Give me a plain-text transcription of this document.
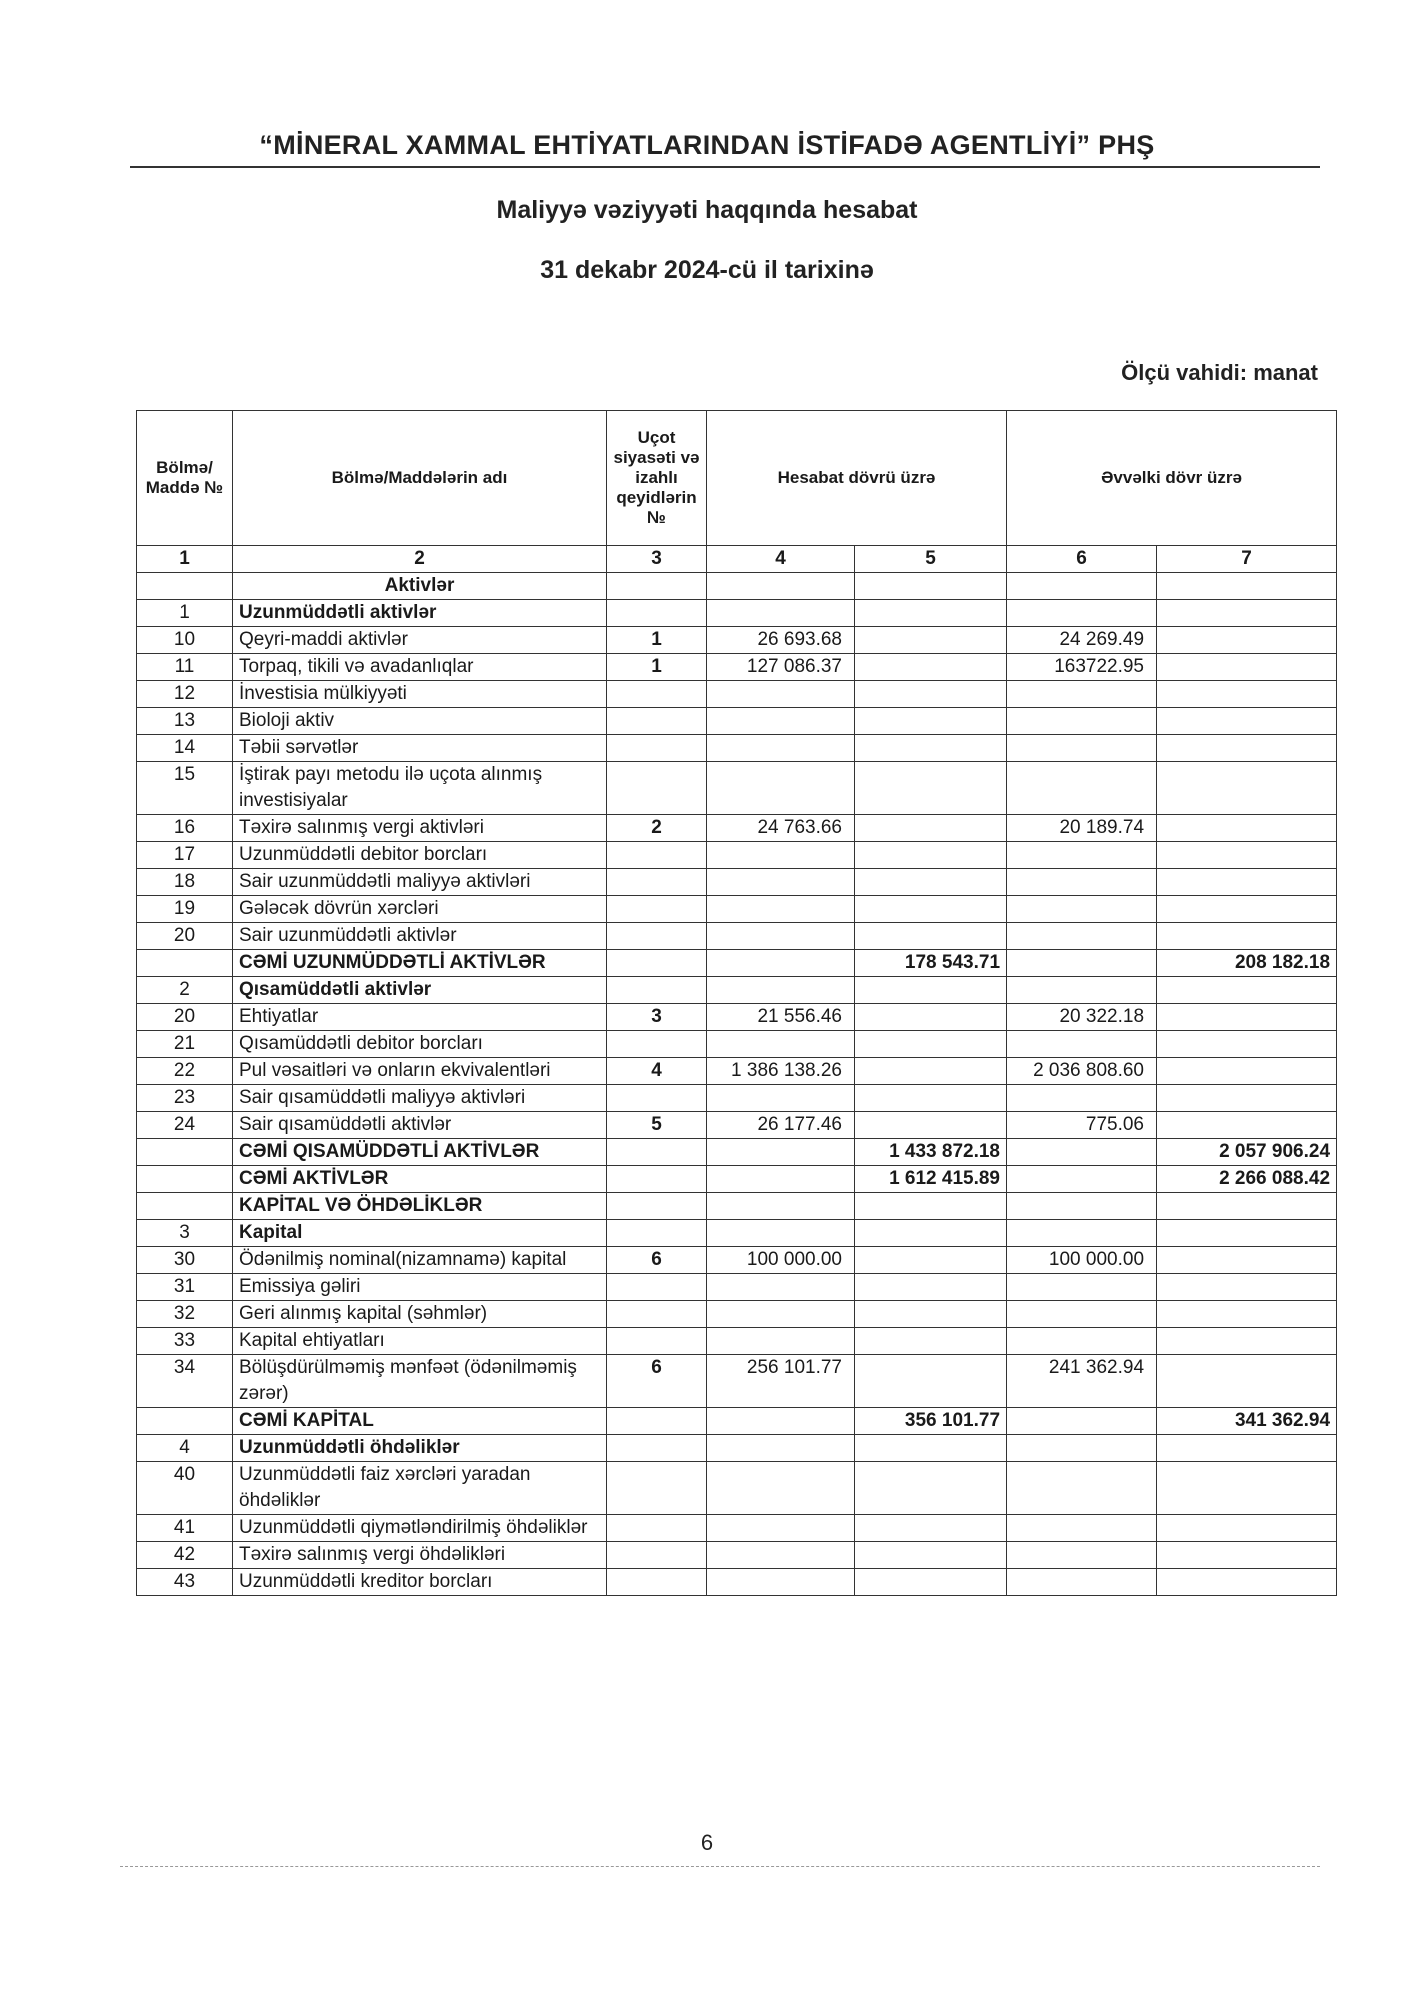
“MİNERAL XAMMAL EHTİYATLARINDAN İSTİFADƏ AGENTLİYİ” PHŞ
Maliyyə vəziyyəti haqqında hesabat
31 dekabr 2024-cü il tarixinə
Ölçü vahidi: manat
Bölmə/ Maddə №	Bölmə/Maddələrin adı	Uçot siyasəti və izahlı qeyidlərin №	Hesabat dövrü üzrə		Əvvəlki dövr üzrə	
1	2	3	4	5	6	7
	Aktivlər					
1	Uzunmüddətli aktivlər					
10	Qeyri-maddi aktivlər	1	26 693.68		24 269.49	
11	Torpaq, tikili və avadanlıqlar	1	127 086.37		163722.95	
12	İnvestisia mülkiyyəti					
13	Bioloji aktiv					
14	Təbii sərvətlər					
15	İştirak payı metodu ilə uçota alınmış investisiyalar					
16	Təxirə salınmış vergi aktivləri	2	24 763.66		20 189.74	
17	Uzunmüddətli debitor borcları					
18	Sair uzunmüddətli maliyyə aktivləri					
19	Gələcək dövrün xərcləri					
20	Sair uzunmüddətli aktivlər					
	CƏMİ UZUNMÜDDƏTLİ AKTİVLƏR			178 543.71		208 182.18
2	Qısamüddətli aktivlər					
20	Ehtiyatlar	3	21 556.46		20 322.18	
21	Qısamüddətli debitor borcları					
22	Pul vəsaitləri və onların ekvivalentləri	4	1 386 138.26		2 036 808.60	
23	Sair qısamüddətli maliyyə aktivləri					
24	Sair qısamüddətli aktivlər	5	26 177.46		775.06	
	CƏMİ QISAMÜDDƏTLİ AKTİVLƏR			1 433 872.18		2 057 906.24
	CƏMİ AKTİVLƏR			1 612 415.89		2 266 088.42
	KAPİTAL VƏ ÖHDƏLİKLƏR					
3	Kapital					
30	Ödənilmiş nominal(nizamnamə) kapital	6	100 000.00		100 000.00	
31	Emissiya gəliri					
32	Geri alınmış kapital (səhmlər)					
33	Kapital ehtiyatları					
34	Bölüşdürülməmiş mənfəət (ödənilməmiş zərər)	6	256 101.77		241 362.94	
	CƏMİ KAPİTAL			356 101.77		341 362.94
4	Uzunmüddətli öhdəliklər					
40	Uzunmüddətli faiz xərcləri yaradan öhdəliklər					
41	Uzunmüddətli qiymətləndirilmiş öhdəliklər					
42	Təxirə salınmış vergi öhdəlikləri					
43	Uzunmüddətli kreditor borcları					
6
